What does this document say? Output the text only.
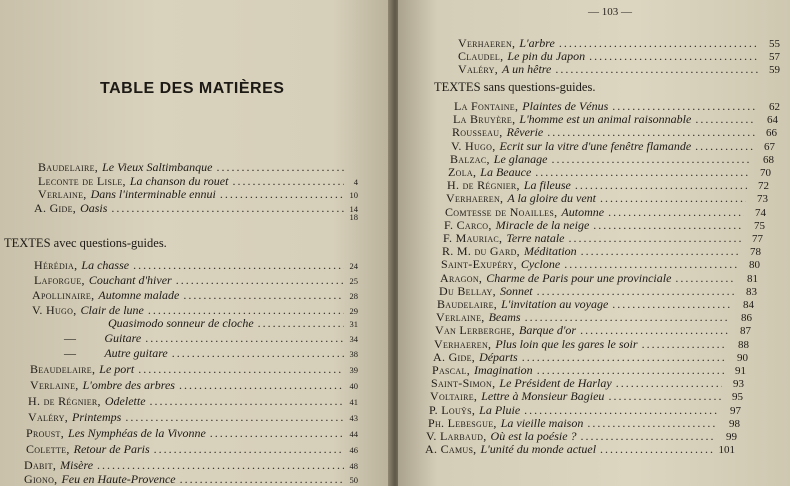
TABLE DES MATIÈRES
Baudelaire, Le Vieux Saltimbanque
.....
Leconte de Lisle, La chanson du rouet .....	4
Verlaine, Dans l'interminable ennui .....	10
A. Gide, Oasis .....	14
18
TEXTES avec questions-guides.
Hérédia, La chasse .....	24
Laforgue, Couchant d'hiver .....	25
Apollinaire, Automne malade .....	28
V. Hugo, Clair de lune .....	29
Quasimodo sonneur de cloche .....	31
— Guitare .....	34
— Autre guitare .....	38
Beaudelaire, Le port .....	39
Verlaine, L'ombre des arbres .....	40
H. de Régnier, Odelette .....	41
Valéry, Printemps .....	43
Proust, Les Nymphéas de la Vivonne .....	44
Colette, Retour de Paris .....	46
Dabit, Misère .....	48
Giono, Feu en Haute-Provence .....	50
— 103 —
Verhaeren, L'arbre .....	55
Claudel, Le pin du Japon .....	57
Valéry, A un hêtre .....	59
TEXTES sans questions-guides.
La Fontaine, Plaintes de Vénus .....	62
La Bruyère, L'homme est un animal raisonnable .....	64
Rousseau, Rêverie .....	66
V. Hugo, Ecrit sur la vitre d'une fenêtre flamande .....	67
Balzac, Le glanage .....	68
Zola, La Beauce .....	70
H. de Régnier, La fileuse .....	72
Verhaeren, A la gloire du vent .....	73
Comtesse de Noailles, Automne .....	74
F. Carco, Miracle de la neige .....	75
F. Mauriac, Terre natale .....	77
R. M. du Gard, Méditation .....	78
Saint-Exupéry, Cyclone .....	80
Aragon, Charme de Paris pour une provinciale .....	81
Du Bellay, Sonnet .....	83
Baudelaire, L'invitation au voyage .....	84
Verlaine, Beams .....	86
Van Lerberghe, Barque d'or .....	87
Verhaeren, Plus loin que les gares le soir .....	88
A. Gide, Départs .....	90
Pascal, Imagination .....	91
Saint-Simon, Le Président de Harlay .....	93
Voltaire, Lettre à Monsieur Bagieu .....	95
P. Louÿs, La Pluie .....	97
Ph. Lebesgue, La vieille maison .....	98
V. Larbaud, Où est la poésie ? .....	99
A. Camus, L'unité du monde actuel .....	101
